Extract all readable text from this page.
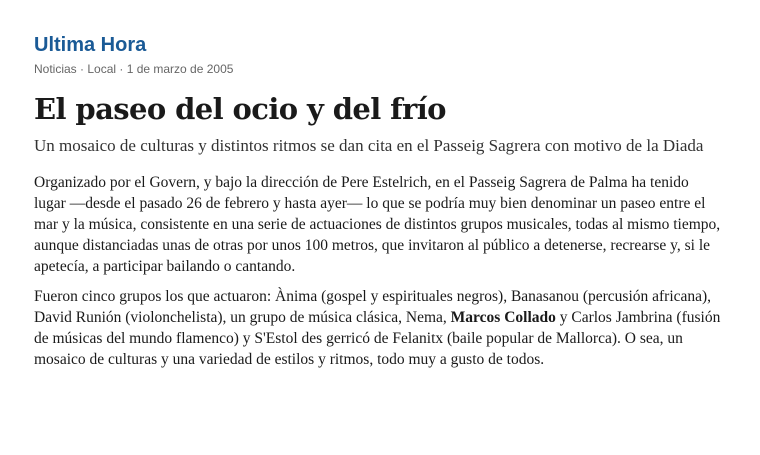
Ultima Hora
Noticias · Local · 1 de marzo de 2005
El paseo del ocio y del frío

Un mosaico de culturas y distintos ritmos se dan cita en el Passeig Sagrera con motivo de la Diada

Organizado por el Govern, y bajo la dirección de Pere Estelrich, en el Passeig Sagrera de Palma ha tenido lugar —desde el pasado 26 de febrero y hasta ayer— lo que se podría muy bien denominar un paseo entre el mar y la música, consistente en una serie de actuaciones de distintos grupos musicales, todas al mismo tiempo, aunque distanciadas unas de otras por unos 100 metros, que invitaron al público a detenerse, recrearse y, si le apetecía, a participar bailando o cantando.

Fueron cinco grupos los que actuaron: Ànima (gospel y espirituales negros), Banasanou (percusión africana), David Runión (violonchelista), un grupo de música clásica, Nema, Marcos Collado y Carlos Jambrina (fusión de músicas del mundo flamenco) y S'Estol des gerricó de Felanitx (baile popular de Mallorca). O sea, un mosaico de culturas y una variedad de estilos y ritmos, todo muy a gusto de todos.
